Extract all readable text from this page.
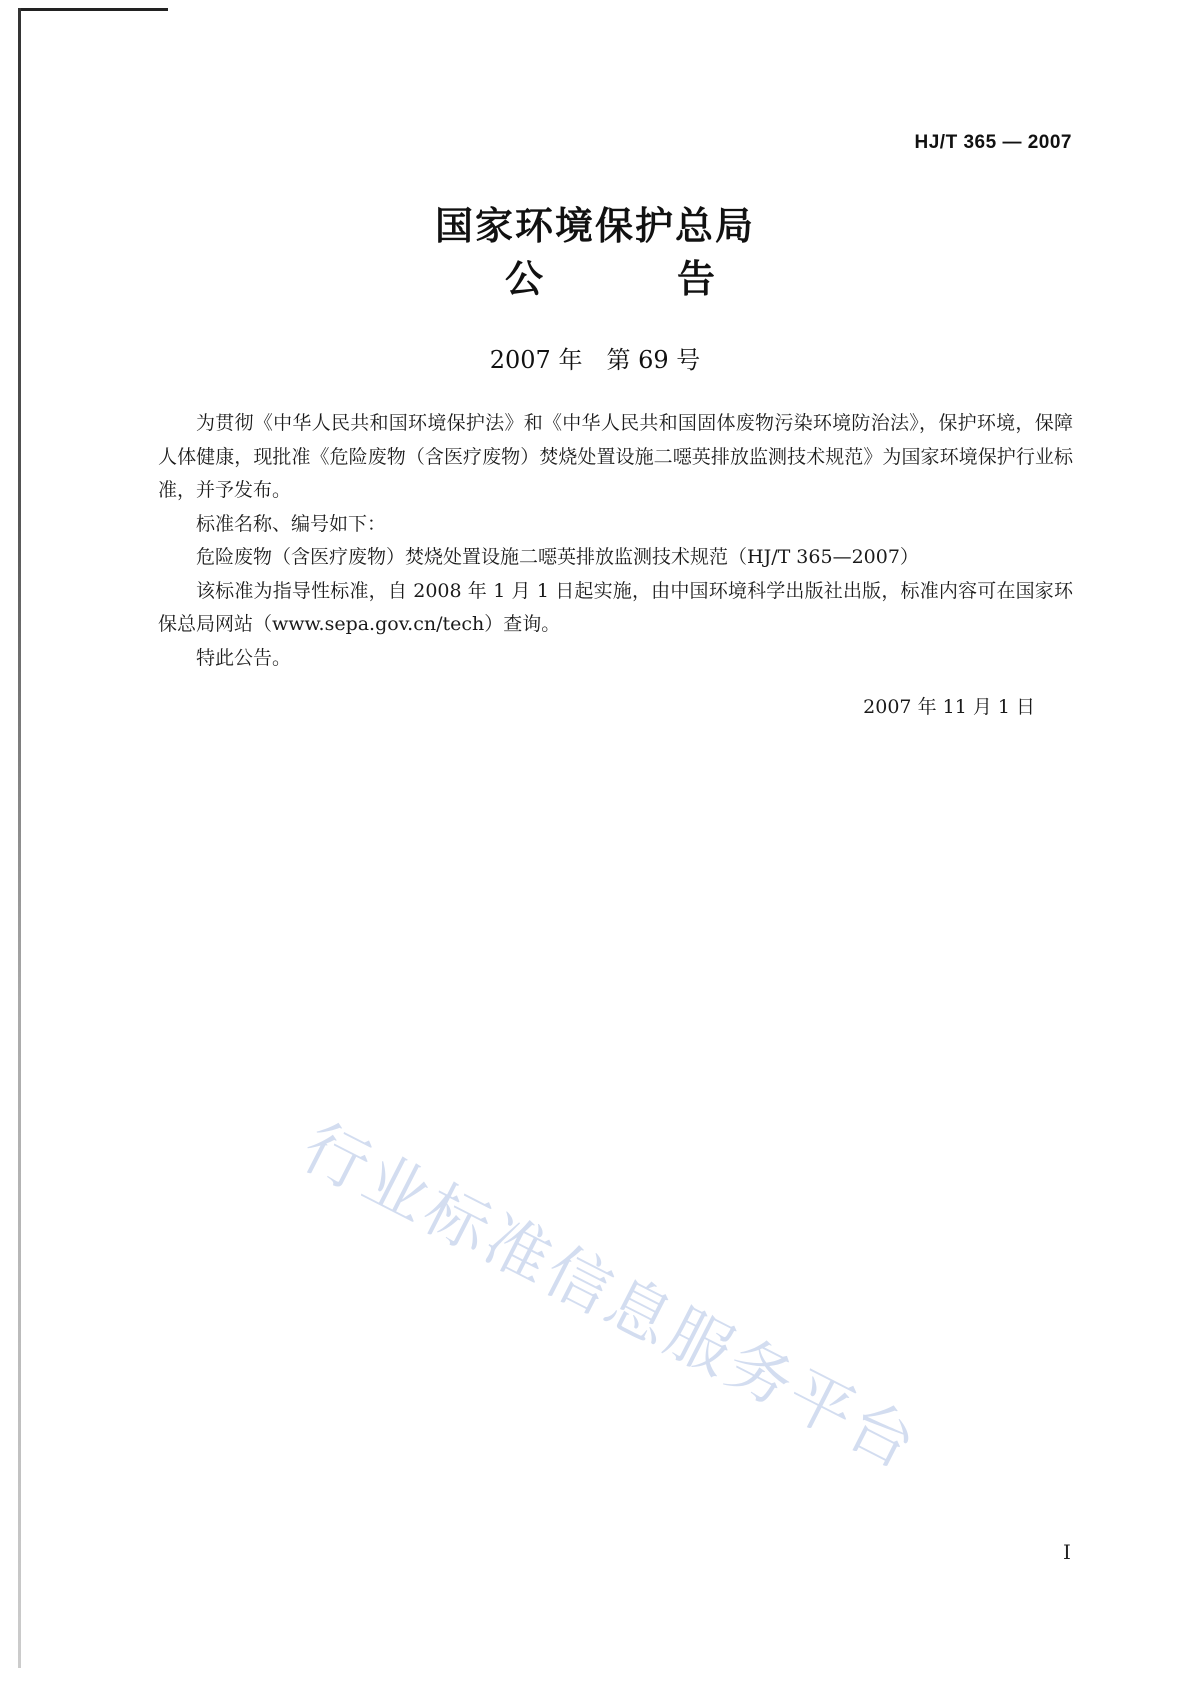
HJ/T 365 — 2007
国家环境保护总局
公 告
2007 年　第 69 号

为贯彻《中华人民共和国环境保护法》和《中华人民共和国固体废物污染环境防治法》，保护环境，保障人体健康，现批准《危险废物（含医疗废物）焚烧处置设施二噁英排放监测技术规范》为国家环境保护行业标准，并予发布。

标准名称、编号如下：

危险废物（含医疗废物）焚烧处置设施二噁英排放监测技术规范（HJ/T 365—2007）

该标准为指导性标准，自 2008 年 1 月 1 日起实施，由中国环境科学出版社出版，标准内容可在国家环保总局网站（www.sepa.gov.cn/tech）查询。

特此公告。

2007 年 11 月 1 日
行业标准信息服务平台
I
